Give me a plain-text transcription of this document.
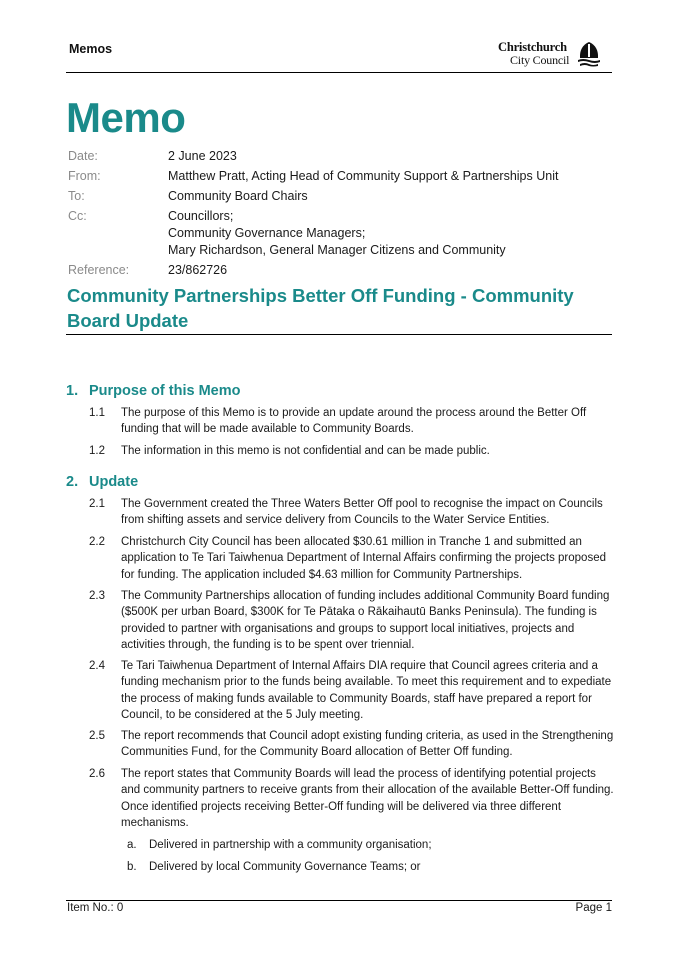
Memos	Christchurch
City Council
Memo
Date:	2 June 2023
From:	Matthew Pratt, Acting Head of Community Support & Partnerships Unit
To:	Community Board Chairs
Cc:	Councillors;
Community Governance Managers;
Mary Richardson, General Manager Citizens and Community
Reference:	23/862726
Community Partnerships Better Off Funding - Community Board Update
1. Purpose of this Memo
1.1	The purpose of this Memo is to provide an update around the process around the Better Off funding that will be made available to Community Boards.
1.2	The information in this memo is not confidential and can be made public.
2. Update
2.1	The Government created the Three Waters Better Off pool to recognise the impact on Councils from shifting assets and service delivery from Councils to the Water Service Entities.
2.2	Christchurch City Council has been allocated $30.61 million in Tranche 1 and submitted an application to Te Tari Taiwhenua Department of Internal Affairs confirming the projects proposed for funding. The application included $4.63 million for Community Partnerships.
2.3	The Community Partnerships allocation of funding includes additional Community Board funding ($500K per urban Board, $300K for Te Pātaka o Rākaihautū Banks Peninsula). The funding is provided to partner with organisations and groups to support local initiatives, projects and activities through, the funding is to be spent over triennial.
2.4	Te Tari Taiwhenua Department of Internal Affairs DIA require that Council agrees criteria and a funding mechanism prior to the funds being available. To meet this requirement and to expediate the process of making funds available to Community Boards, staff have prepared a report for Council, to be considered at the 5 July meeting.
2.5	The report recommends that Council adopt existing funding criteria, as used in the Strengthening Communities Fund, for the Community Board allocation of Better Off funding.
2.6	The report states that Community Boards will lead the process of identifying potential projects and community partners to receive grants from their allocation of the available Better-Off funding. Once identified projects receiving Better-Off funding will be delivered via three different mechanisms.
a. Delivered in partnership with a community organisation;
b. Delivered by local Community Governance Teams; or
Item No.: 0	Page 1
